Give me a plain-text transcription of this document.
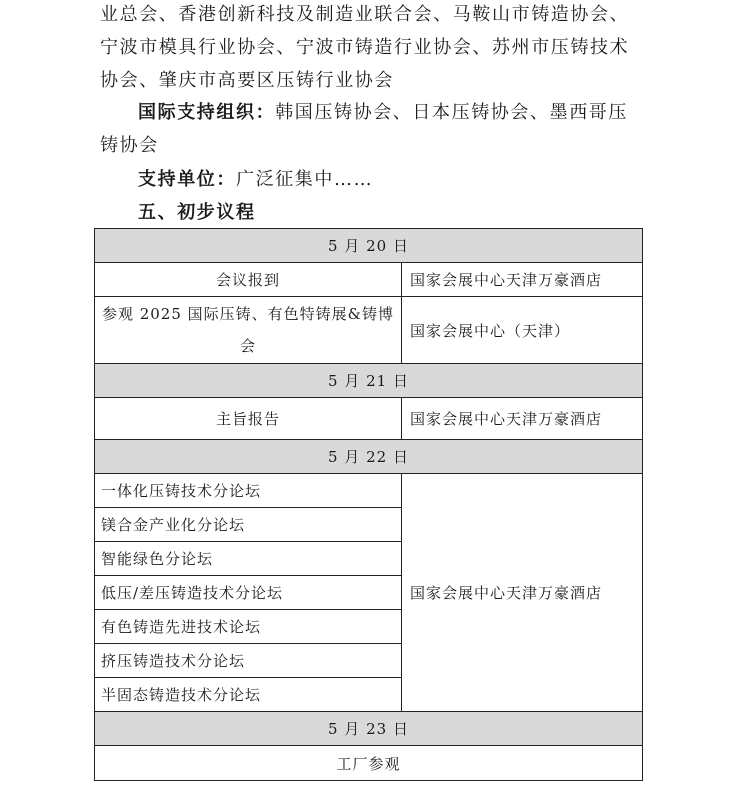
业总会、香港创新科技及制造业联合会、马鞍山市铸造协会、宁波市模具行业协会、宁波市铸造行业协会、苏州市压铸技术协会、肇庆市高要区压铸行业协会

国际支持组织：韩国压铸协会、日本压铸协会、墨西哥压铸协会

支持单位：广泛征集中……

五、初步议程

5 月 20 日	
会议报到	国家会展中心天津万豪酒店
参观 2025 国际压铸、有色特铸展&铸博会	国家会展中心（天津）
5 月 21 日	
主旨报告	国家会展中心天津万豪酒店
5 月 22 日	
一体化压铸技术分论坛	国家会展中心天津万豪酒店
镁合金产业化分论坛	
智能绿色分论坛	
低压/差压铸造技术分论坛	
有色铸造先进技术论坛	
挤压铸造技术分论坛	
半固态铸造技术分论坛	
5 月 23 日	
工厂参观	
